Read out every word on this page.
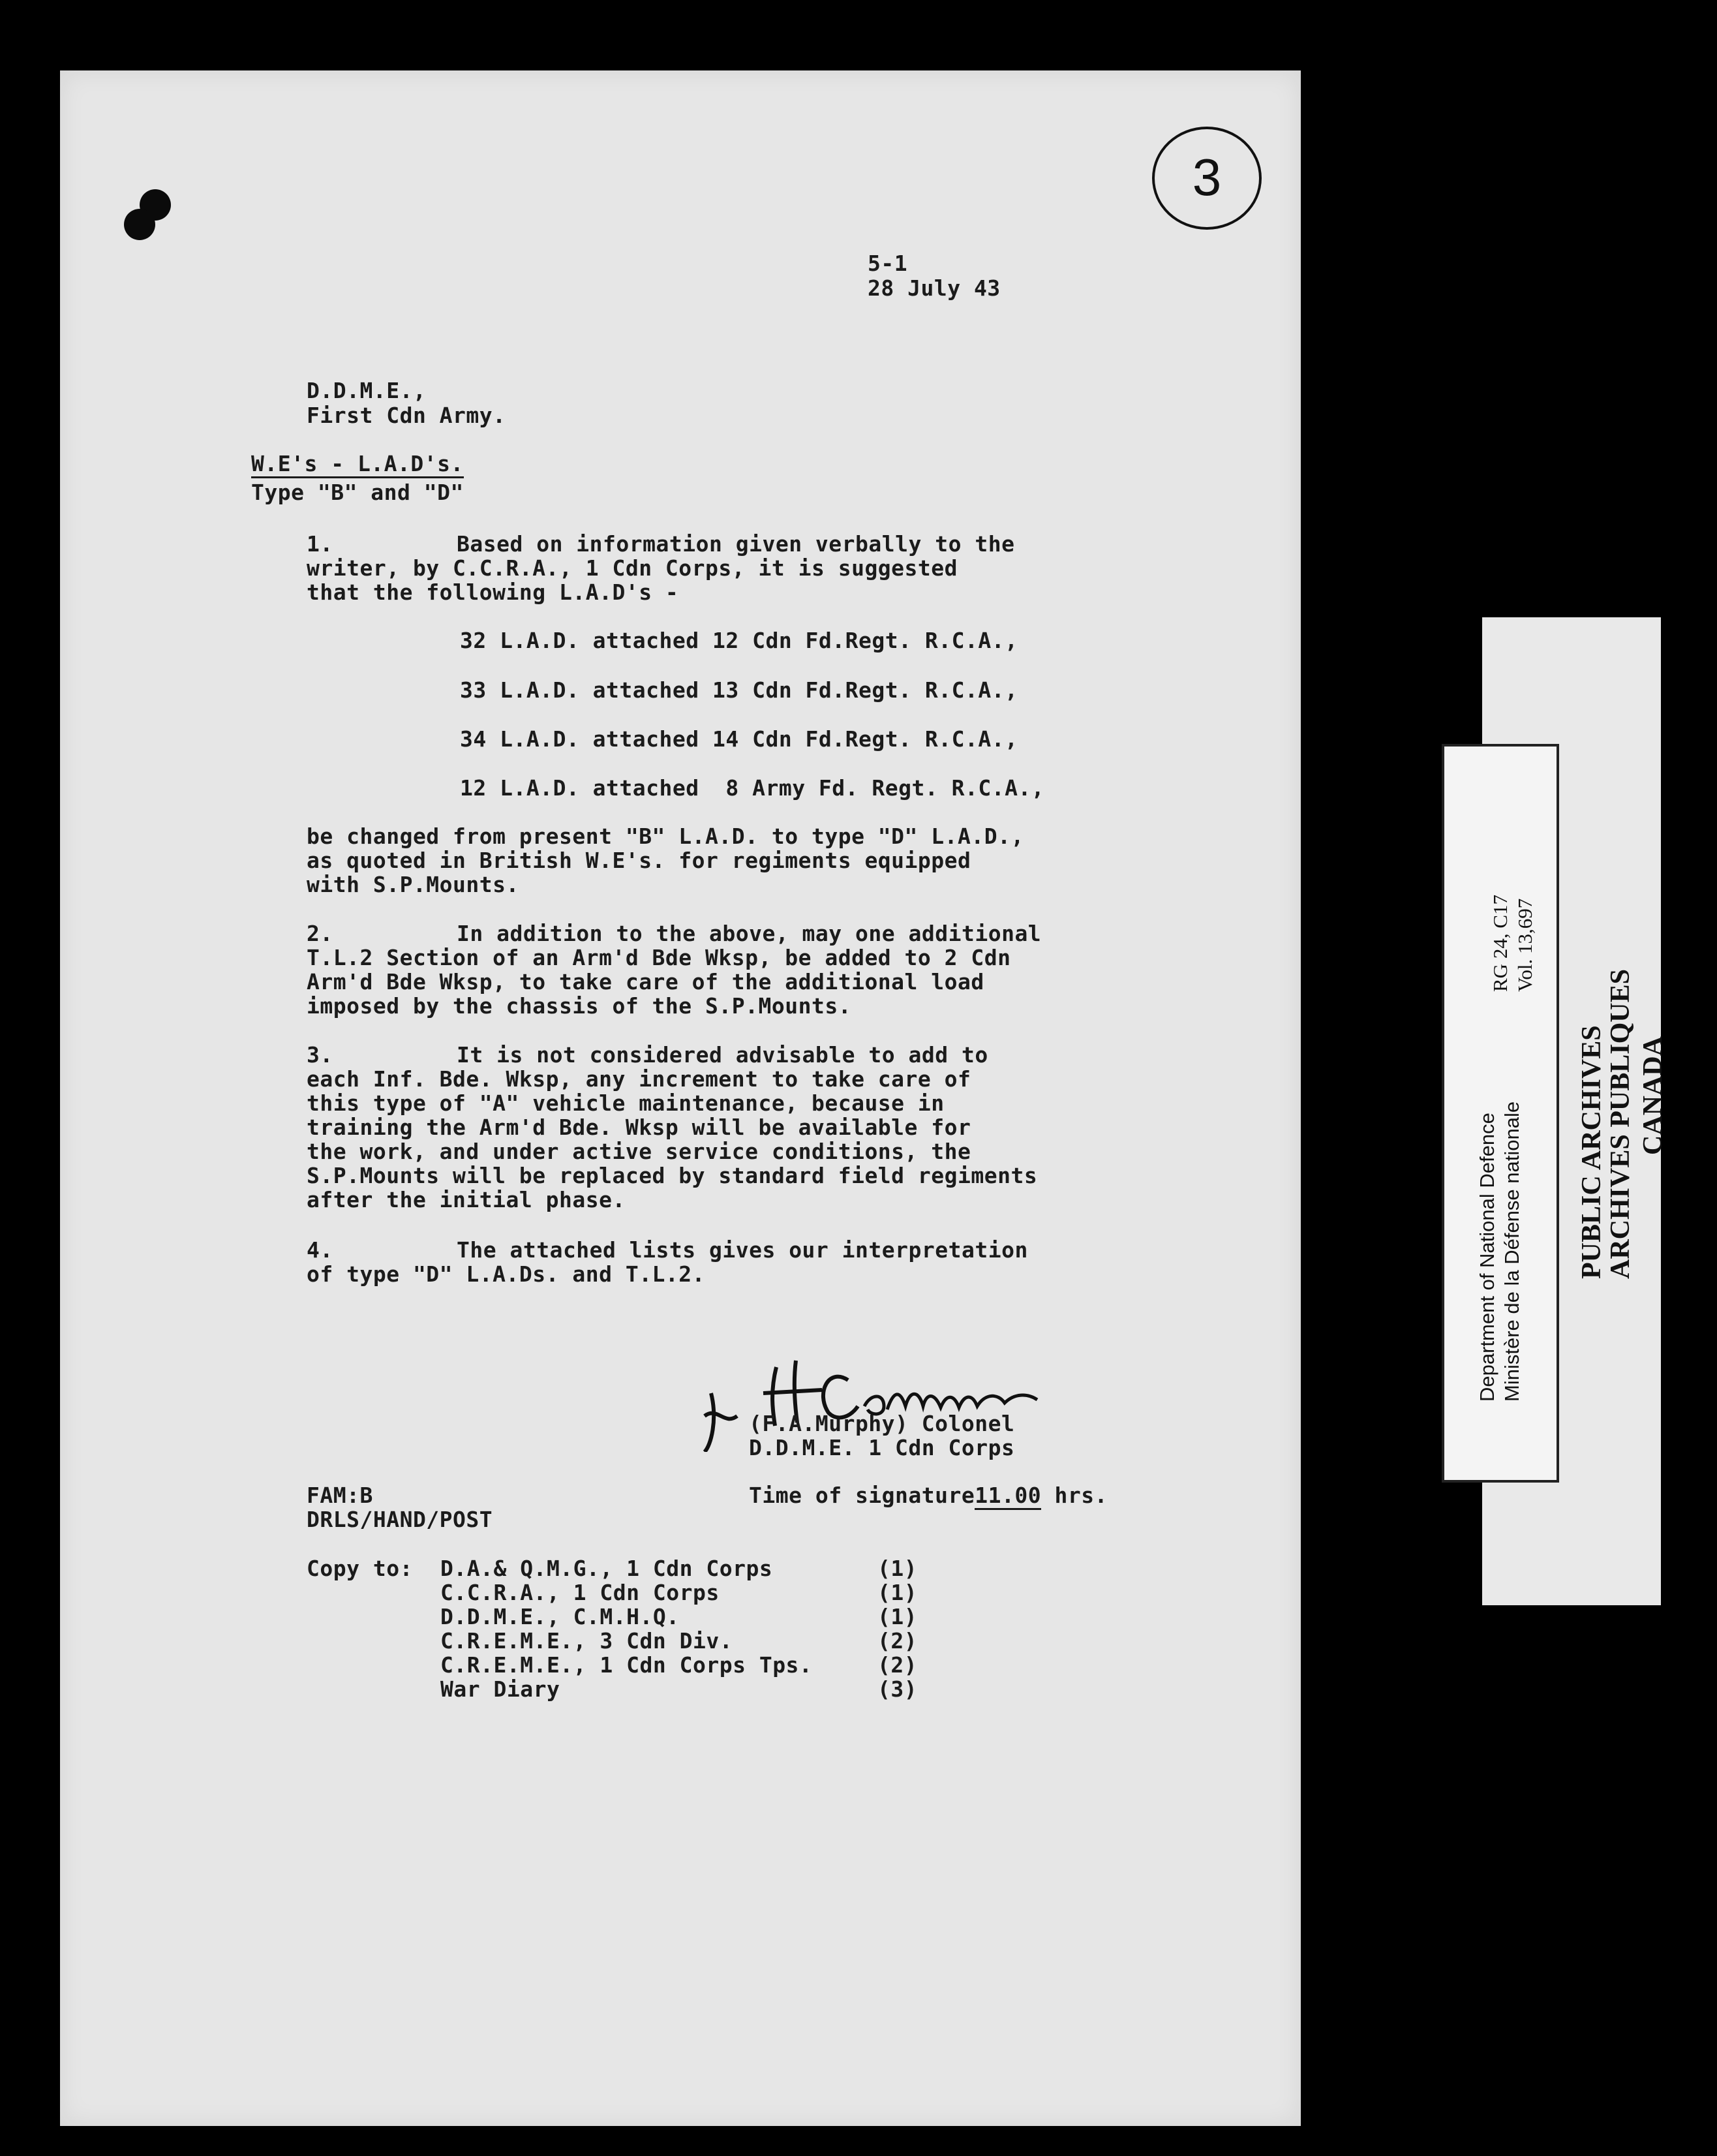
PUBLIC ARCHIVES
ARCHIVES PUBLIQUES CANADA
Department of National Defence Ministère de la Défense nationale
RG 24, C17 Vol. 13,697
3
5-1
28 July 43
D.D.M.E.,
First Cdn Army.
W.E's - L.A.D's.
Type "B" and "D"
1.	Based on information given verbally to the
writer, by C.C.R.A., 1 Cdn Corps, it is suggested
that the following L.A.D's -
32 L.A.D. attached 12 Cdn Fd.Regt. R.C.A.,
33 L.A.D. attached 13 Cdn Fd.Regt. R.C.A.,
34 L.A.D. attached 14 Cdn Fd.Regt. R.C.A.,
12 L.A.D. attached  8 Army Fd. Regt. R.C.A.,
be changed from present "B" L.A.D. to type "D" L.A.D.,
as quoted in British W.E's. for regiments equipped
with S.P.Mounts.
2.	In addition to the above, may one additional
T.L.2 Section of an Arm'd Bde Wksp, be added to 2 Cdn
Arm'd Bde Wksp, to take care of the additional load
imposed by the chassis of the S.P.Mounts.
3.	It is not considered advisable to add to
each Inf. Bde. Wksp, any increment to take care of
this type of "A" vehicle maintenance, because in
training the Arm'd Bde. Wksp will be available for
the work, and under active service conditions, the
S.P.Mounts will be replaced by standard field regiments
after the initial phase.
4.	The attached lists gives our interpretation
of type "D" L.A.Ds. and T.L.2.
(F.A.Murphy) Colonel
D.D.M.E. 1 Cdn Corps
FAM:B
DRLS/HAND/POST
Time of signature11.00 hrs.
Copy to: D.A.& Q.M.G., 1 Cdn Corps	(1)
C.C.R.A., 1 Cdn Corps	(1)
D.D.M.E., C.M.H.Q.	(1)
C.R.E.M.E., 3 Cdn Div.	(2)
C.R.E.M.E., 1 Cdn Corps Tps.	(2)
War Diary	(3)
